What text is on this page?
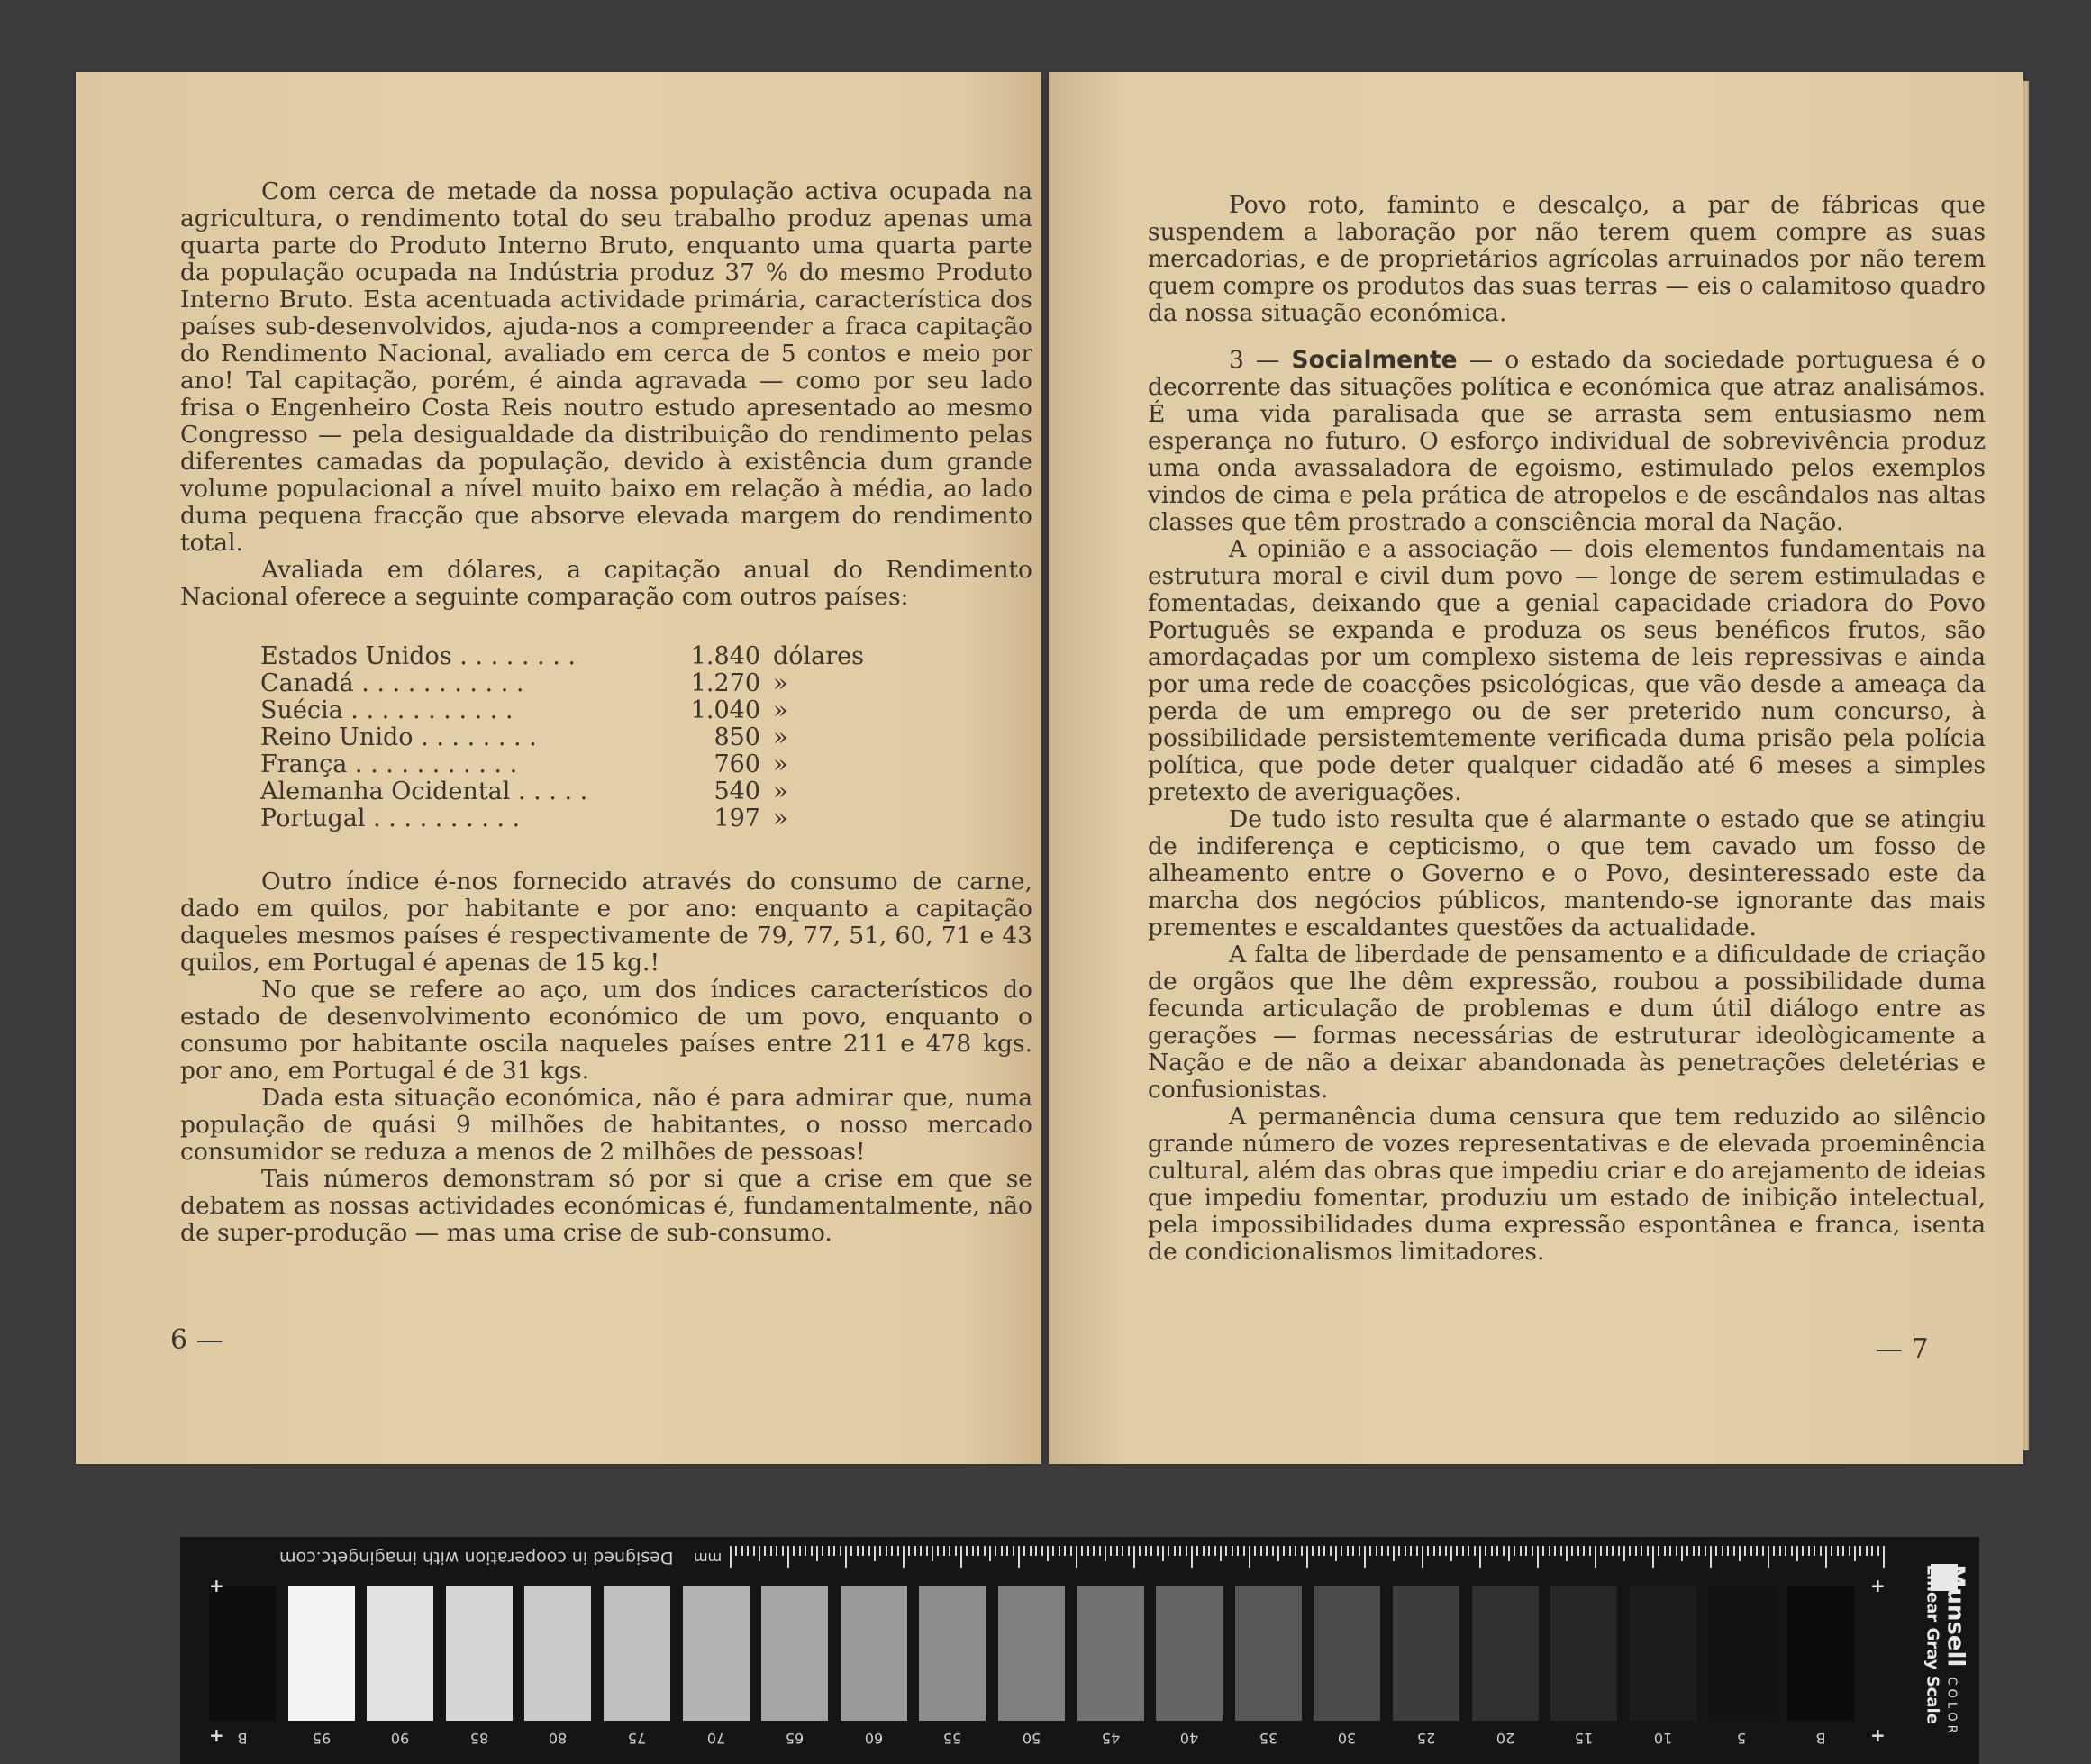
Com cerca de metade da nossa população activa ocupada na agricultura, o rendimento total do seu trabalho produz apenas uma quarta parte do Produto Interno Bruto, enquanto uma quarta parte da população ocupada na Indústria produz 37 % do mesmo Produto Interno Bruto. Esta acentuada actividade primária, característica dos países sub-desenvolvidos, ajuda-nos a compreender a fraca capitação do Rendimento Nacional, avaliado em cerca de 5 contos e meio por ano! Tal capitação, porém, é ainda agravada — como por seu lado frisa o Engenheiro Costa Reis noutro estudo apresentado ao mesmo Congresso — pela desigualdade da distribuição do rendimento pelas diferentes camadas da população, devido à existência dum grande volume populacional a nível muito baixo em relação à média, ao lado duma pequena fracção que absorve elevada margem do rendimento total.

Avaliada em dólares, a capitação anual do Rendimento Nacional oferece a seguinte comparação com outros países:

Estados Unidos . . . . . . . .	1.840 dólares
Canadá . . . . . . . . . . .	1.270 »
Suécia . . . . . . . . . . .	1.040 »
Reino Unido . . . . . . . .	850 »
França . . . . . . . . . . .	760 »
Alemanha Ocidental . . . . .	540 »
Portugal . . . . . . . . . .	197 »

Outro índice é-nos fornecido através do consumo de carne, dado em quilos, por habitante e por ano: enquanto a capitação daqueles mesmos países é respectivamente de 79, 77, 51, 60, 71 e 43 quilos, em Portugal é apenas de 15 kg.!

No que se refere ao aço, um dos índices característicos do estado de desenvolvimento económico de um povo, enquanto o consumo por habitante oscila naqueles países entre 211 e 478 kgs. por ano, em Portugal é de 31 kgs.

Dada esta situação económica, não é para admirar que, numa população de quási 9 milhões de habitantes, o nosso mercado consumidor se reduza a menos de 2 milhões de pessoas!

Tais números demonstram só por si que a crise em que se debatem as nossas actividades económicas é, fundamentalmente, não de super-produção — mas uma crise de sub-consumo.

6 —

Povo roto, faminto e descalço, a par de fábricas que suspendem a laboração por não terem quem compre as suas mercadorias, e de proprietários agrícolas arruinados por não terem quem compre os produtos das suas terras — eis o calamitoso quadro da nossa situação económica.

3 — Socialmente — o estado da sociedade portuguesa é o decorrente das situações política e económica que atraz analisámos. É uma vida paralisada que se arrasta sem entusiasmo nem esperança no futuro. O esforço individual de sobrevivência produz uma onda avassaladora de egoismo, estimulado pelos exemplos vindos de cima e pela prática de atropelos e de escândalos nas altas classes que têm prostrado a consciência moral da Nação.

A opinião e a associação — dois elementos fundamentais na estrutura moral e civil dum povo — longe de serem estimuladas e fomentadas, deixando que a genial capacidade criadora do Povo Português se expanda e produza os seus benéficos frutos, são amordaçadas por um complexo sistema de leis repressivas e ainda por uma rede de coacções psicológicas, que vão desde a ameaça da perda de um emprego ou de ser preterido num concurso, à possibilidade persistemtemente verificada duma prisão pela polícia política, que pode deter qualquer cidadão até 6 meses a simples pretexto de averiguações.

De tudo isto resulta que é alarmante o estado que se atingiu de indiferença e cepticismo, o que tem cavado um fosso de alheamento entre o Governo e o Povo, desinteressado este da marcha dos negócios públicos, mantendo-se ignorante das mais prementes e escaldantes questões da actualidade.

A falta de liberdade de pensamento e a dificuldade de criação de orgãos que lhe dêm expressão, roubou a possibilidade duma fecunda articulação de problemas e dum útil diálogo entre as gerações — formas necessárias de estruturar ideològicamente a Nação e de não a deixar abandonada às penetrações deletérias e confusionistas.

A permanência duma censura que tem reduzido ao silêncio grande número de vozes representativas e de elevada proeminência cultural, além das obras que impediu criar e do arejamento de ideias que impediu fomentar, produziu um estado de inibição intelectual, pela impossibilidades duma expressão espontânea e franca, isenta de condicionalismos limitadores.

— 7
Designed in cooperation with imagingetc.com mm
B	95	90	85	80	75	70	65	60	55	50	45	40	35	30	25	20	15	10	5	B
+
+
+
+
Munsell C O L O R
Linear Gray Scale
